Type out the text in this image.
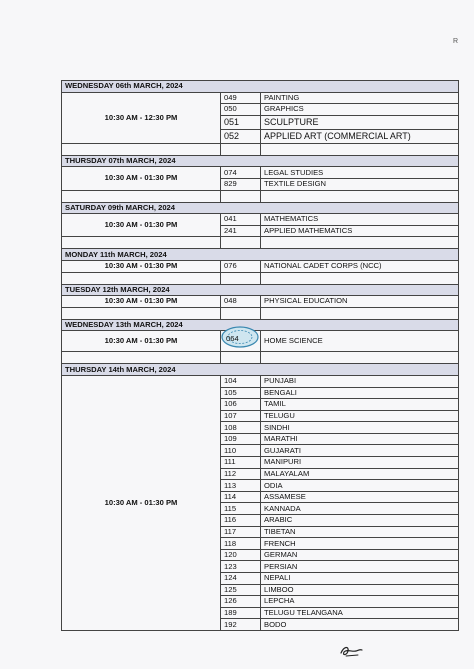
R
WEDNESDAY 06th MARCH, 2024		
10:30 AM - 12:30 PM	049	PAINTING
	050	GRAPHICS
	051	SCULPTURE
	052	APPLIED ART (COMMERCIAL ART)

THURSDAY 07th MARCH, 2024		
10:30 AM - 01:30 PM	074	LEGAL STUDIES
	829	TEXTILE DESIGN

SATURDAY 09th MARCH, 2024		
10:30 AM - 01:30 PM	041	MATHEMATICS
	241	APPLIED MATHEMATICS

MONDAY 11th MARCH, 2024		
10:30 AM - 01:30 PM	076	NATIONAL CADET CORPS (NCC)

TUESDAY 12th MARCH, 2024		
10:30 AM - 01:30 PM	048	PHYSICAL EDUCATION

WEDNESDAY 13th MARCH, 2024		
10:30 AM - 01:30 PM	064	HOME SCIENCE

THURSDAY 14th MARCH, 2024		
10:30 AM - 01:30 PM	104	PUNJABI
	105	BENGALI
	106	TAMIL
	107	TELUGU
	108	SINDHI
	109	MARATHI
	110	GUJARATI
	111	MANIPURI
	112	MALAYALAM
	113	ODIA
	114	ASSAMESE
	115	KANNADA
	116	ARABIC
	117	TIBETAN
	118	FRENCH
	120	GERMAN
	123	PERSIAN
	124	NEPALI
	125	LIMBOO
	126	LEPCHA
	189	TELUGU TELANGANA
	192	BODO
